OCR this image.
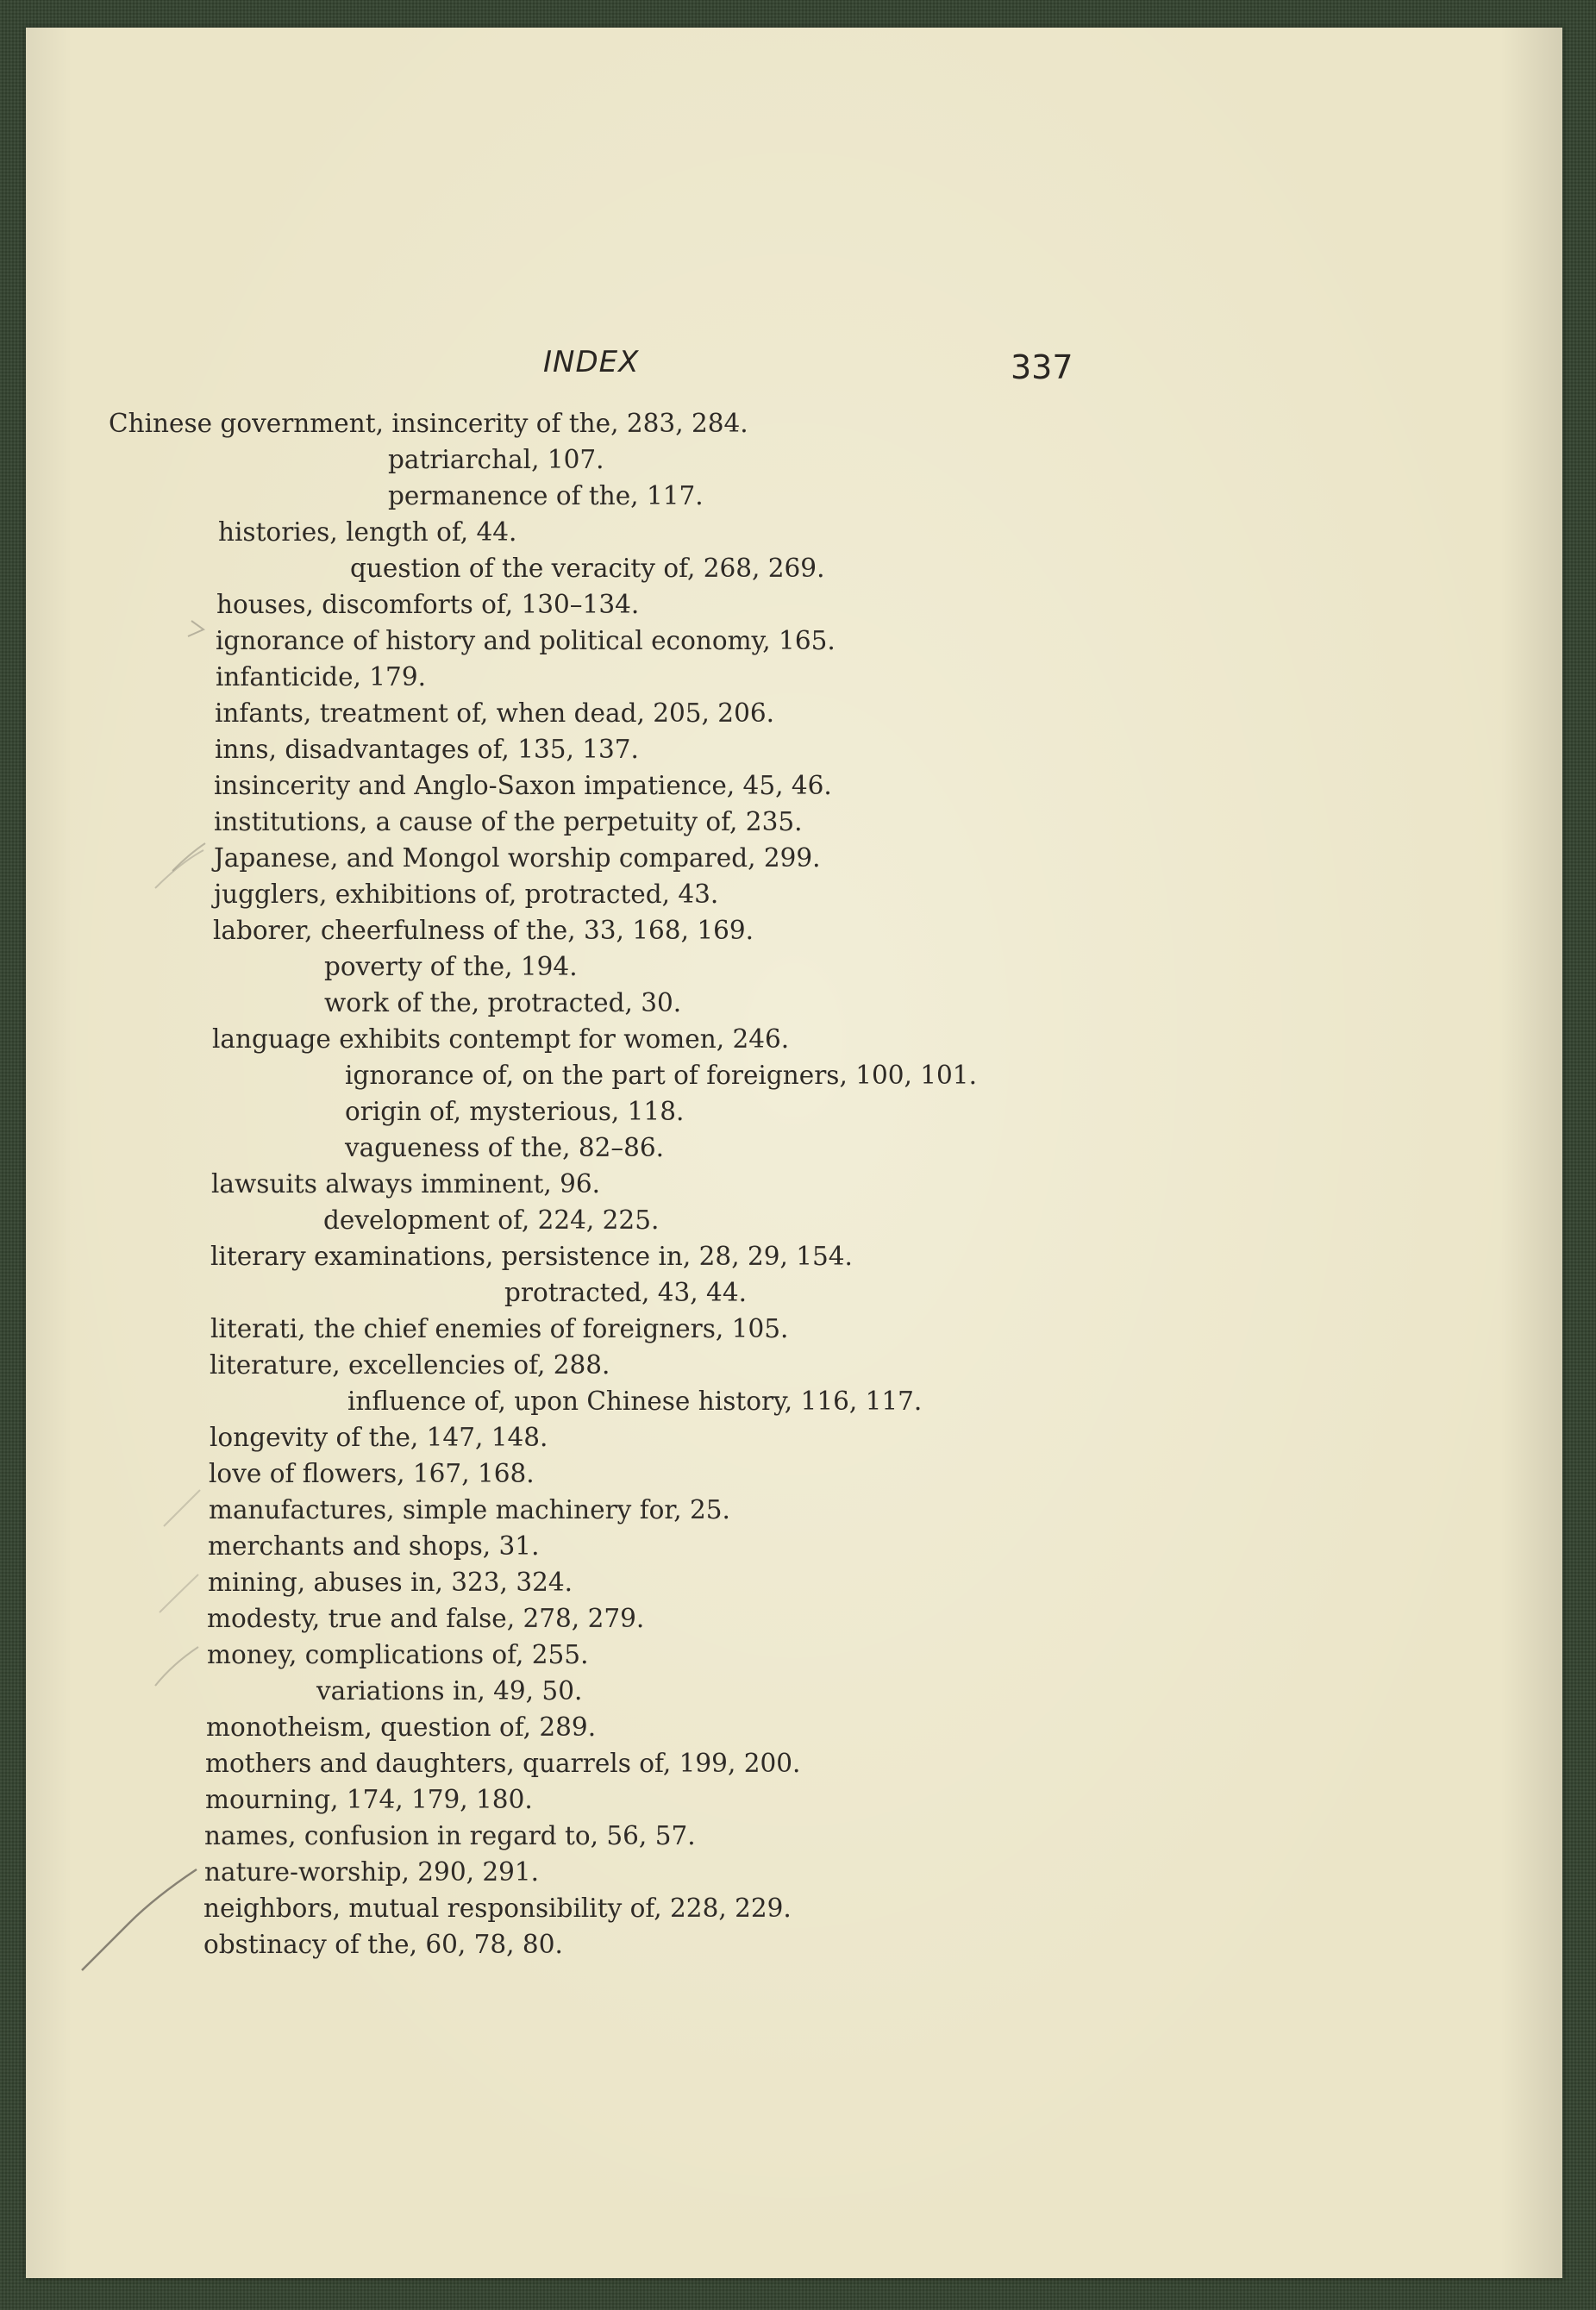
INDEX	337
Chinese government, insincerity of the, 283, 284.
patriarchal, 107.
permanence of the, 117.
histories, length of, 44.
question of the veracity of, 268, 269.
houses, discomforts of, 130–134.
ignorance of history and political economy, 165.
infanticide, 179.
infants, treatment of, when dead, 205, 206.
inns, disadvantages of, 135, 137.
insincerity and Anglo-Saxon impatience, 45, 46.
institutions, a cause of the perpetuity of, 235.
Japanese, and Mongol worship compared, 299.
jugglers, exhibitions of, protracted, 43.
laborer, cheerfulness of the, 33, 168, 169.
poverty of the, 194.
work of the, protracted, 30.
language exhibits contempt for women, 246.
ignorance of, on the part of foreigners, 100, 101.
origin of, mysterious, 118.
vagueness of the, 82–86.
lawsuits always imminent, 96.
development of, 224, 225.
literary examinations, persistence in, 28, 29, 154.
protracted, 43, 44.
literati, the chief enemies of foreigners, 105.
literature, excellencies of, 288.
influence of, upon Chinese history, 116, 117.
longevity of the, 147, 148.
love of flowers, 167, 168.
manufactures, simple machinery for, 25.
merchants and shops, 31.
mining, abuses in, 323, 324.
modesty, true and false, 278, 279.
money, complications of, 255.
variations in, 49, 50.
monotheism, question of, 289.
mothers and daughters, quarrels of, 199, 200.
mourning, 174, 179, 180.
names, confusion in regard to, 56, 57.
nature-worship, 290, 291.
neighbors, mutual responsibility of, 228, 229.
obstinacy of the, 60, 78, 80.
